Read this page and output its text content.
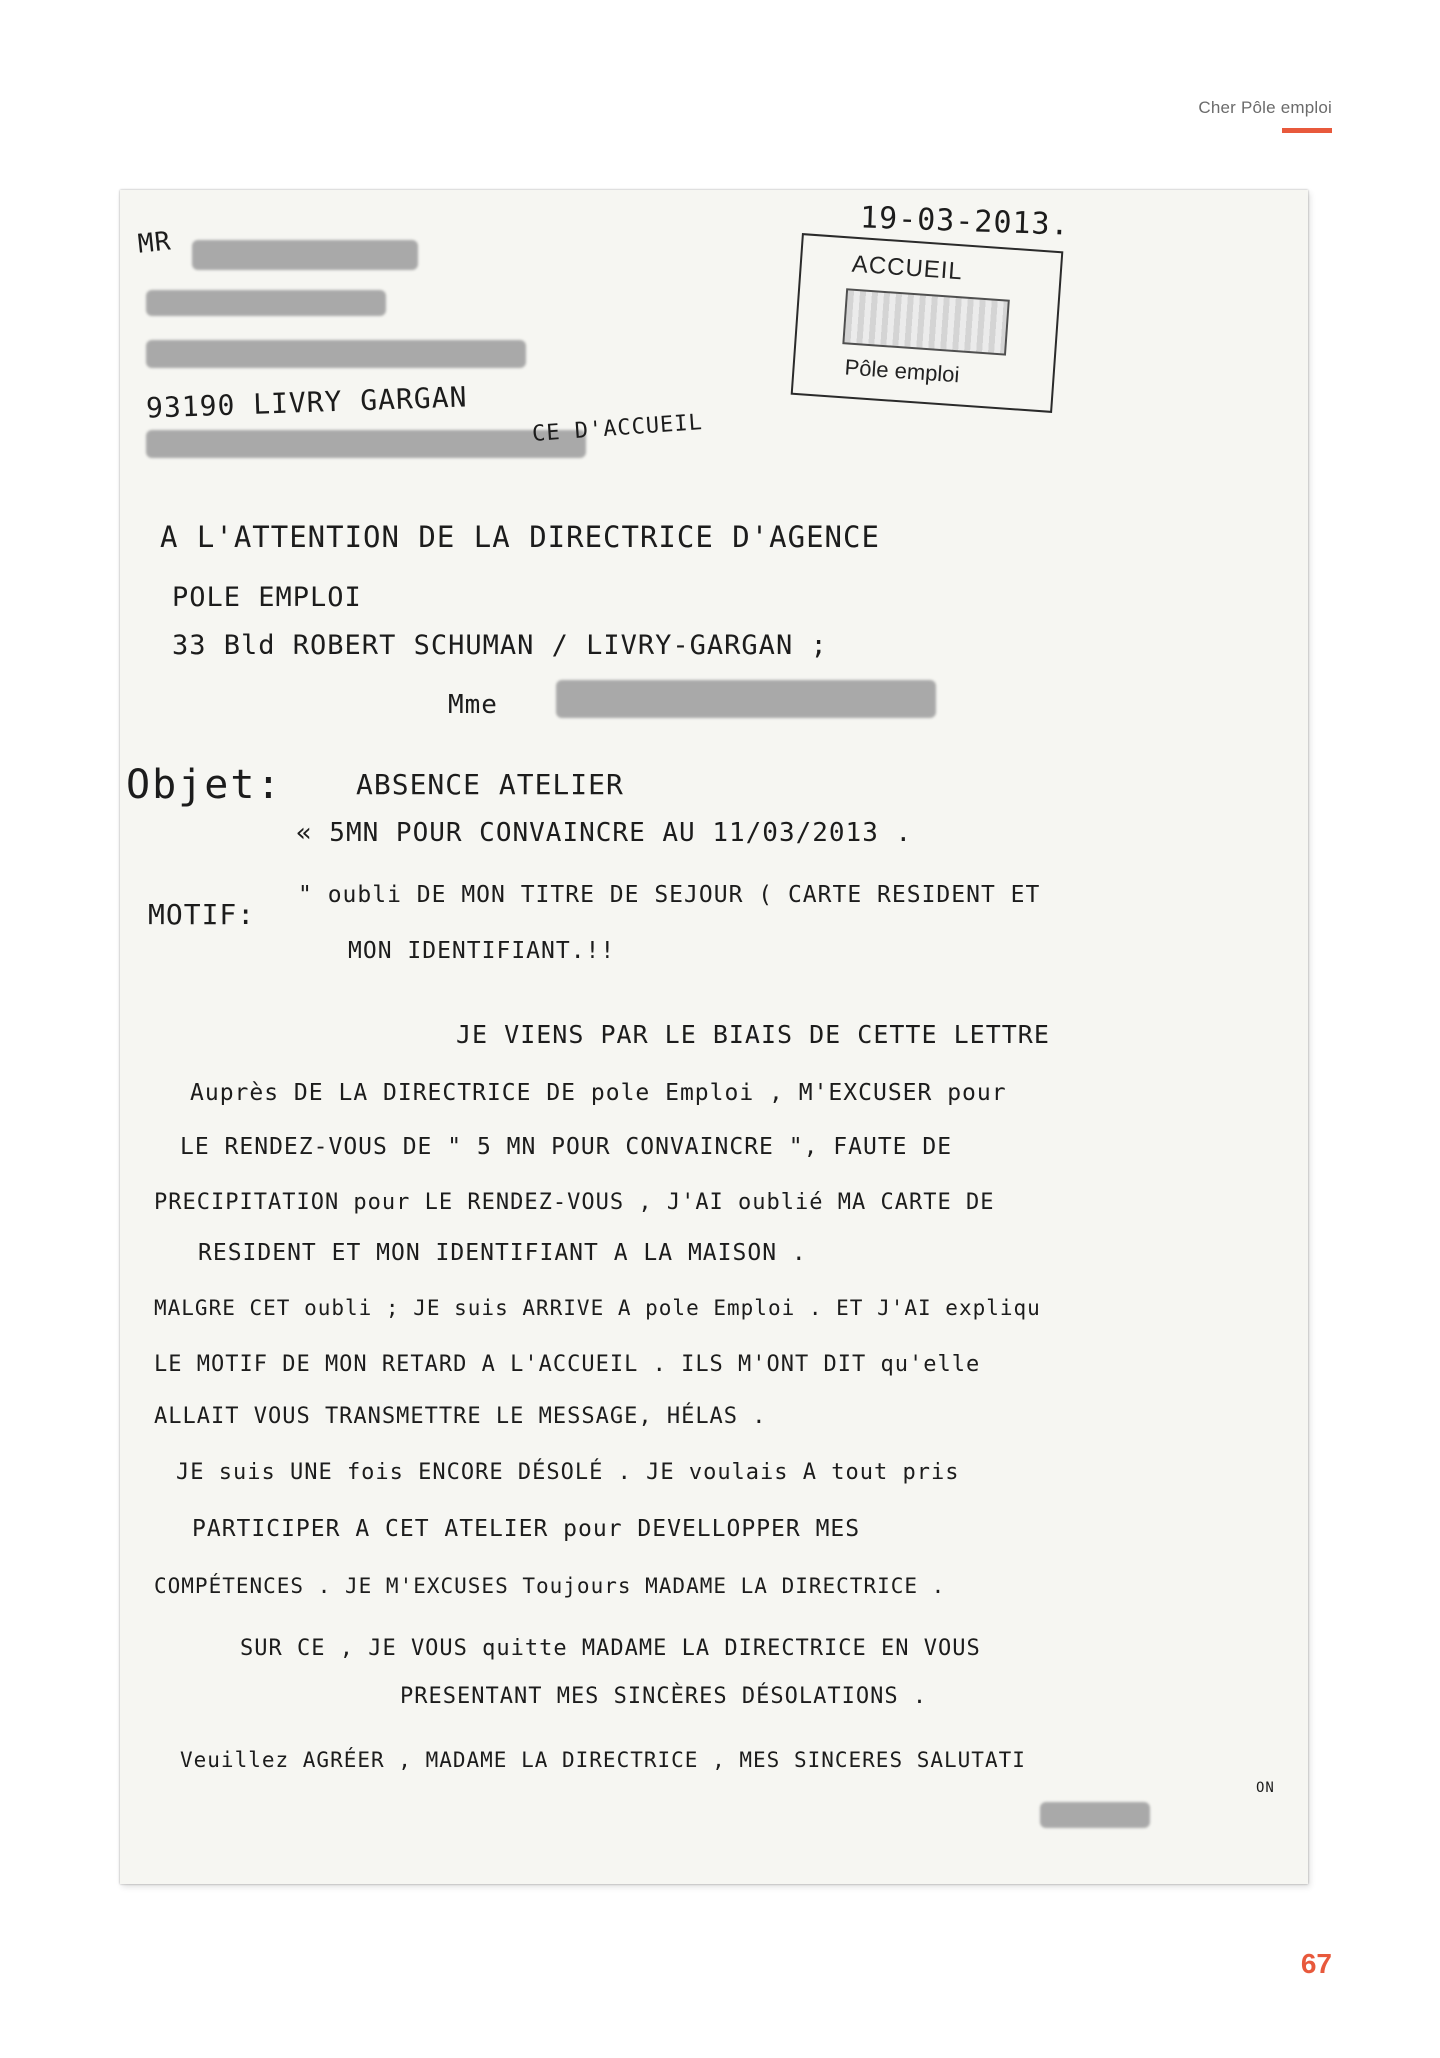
Cher Pôle emploi
MR
93190 LIVRY GARGAN
CE D'ACCUEIL
19-03-2013.
ACCUEIL
Pôle emploi
A L'ATTENTION DE LA DIRECTRICE D'AGENCE
POLE EMPLOI
33 Bld ROBERT SCHUMAN / LIVRY-GARGAN ;
Mme
Objet:	ABSENCE ATELIER
« 5MN POUR CONVAINCRE AU 11/03/2013 .
MOTIF:
" oubli DE MON TITRE DE SEJOUR ( CARTE RESIDENT ET
MON IDENTIFIANT.!!
JE VIENS PAR LE BIAIS DE CETTE LETTRE
Auprès DE LA DIRECTRICE DE pole Emploi , M'EXCUSER pour
LE RENDEZ-VOUS DE " 5 MN POUR CONVAINCRE ", FAUTE DE
PRECIPITATION pour LE RENDEZ-VOUS , J'AI oublié MA CARTE DE
RESIDENT ET MON IDENTIFIANT A LA MAISON .
MALGRE CET oubli ; JE suis ARRIVE A pole Emploi . ET J'AI expliqu
LE MOTIF DE MON RETARD A L'ACCUEIL . ILS M'ONT DIT qu'elle
ALLAIT VOUS TRANSMETTRE LE MESSAGE, HÉLAS .
JE suis UNE fois ENCORE DÉSOLÉ . JE voulais A tout pris
PARTICIPER A CET ATELIER pour DEVELLOPPER MES
COMPÉTENCES . JE M'EXCUSES Toujours MADAME LA DIRECTRICE .
SUR CE , JE VOUS quitte MADAME LA DIRECTRICE EN VOUS
PRESENTANT MES SINCÈRES DÉSOLATIONS .
Veuillez AGRÉER , MADAME LA DIRECTRICE , MES SINCERES SALUTATI
ON
67
